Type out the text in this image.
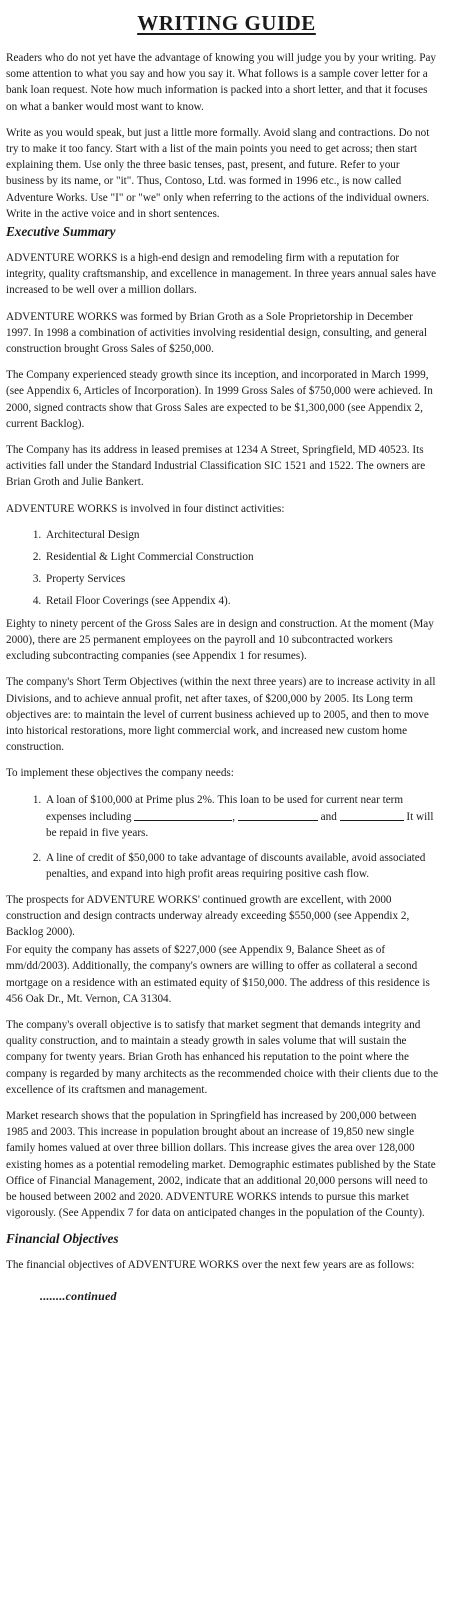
WRITING GUIDE

Readers who do not yet have the advantage of knowing you will judge you by your writing. Pay some attention to what you say and how you say it. What follows is a sample cover letter for a bank loan request. Note how much information is packed into a short letter, and that it focuses on what a banker would most want to know.

Write as you would speak, but just a little more formally. Avoid slang and contractions. Do not try to make it too fancy. Start with a list of the main points you need to get across; then start explaining them. Use only the three basic tenses, past, present, and future. Refer to your business by its name, or "it". Thus, Contoso, Ltd. was formed in 1996 etc., is now called Adventure Works. Use "I" or "we" only when referring to the actions of the individual owners. Write in the active voice and in short sentences.

Executive Summary

ADVENTURE WORKS is a high-end design and remodeling firm with a reputation for integrity, quality craftsmanship, and excellence in management. In three years annual sales have increased to be well over a million dollars.

ADVENTURE WORKS was formed by Brian Groth as a Sole Proprietorship in December 1997. In 1998 a combination of activities involving residential design, consulting, and general construction brought Gross Sales of $250,000.

The Company experienced steady growth since its inception, and incorporated in March 1999, (see Appendix 6, Articles of Incorporation). In 1999 Gross Sales of $750,000 were achieved. In 2000, signed contracts show that Gross Sales are expected to be $1,300,000 (see Appendix 2, current Backlog).

The Company has its address in leased premises at 1234 A Street, Springfield, MD 40523. Its activities fall under the Standard Industrial Classification SIC 1521 and 1522. The owners are Brian Groth and Julie Bankert.

ADVENTURE WORKS is involved in four distinct activities:

1. Architectural Design
2. Residential & Light Commercial Construction
3. Property Services
4. Retail Floor Coverings (see Appendix 4).

Eighty to ninety percent of the Gross Sales are in design and construction. At the moment (May 2000), there are 25 permanent employees on the payroll and 10 subcontracted workers excluding subcontracting companies (see Appendix 1 for resumes).

The company's Short Term Objectives (within the next three years) are to increase activity in all Divisions, and to achieve annual profit, net after taxes, of $200,000 by 2005. Its Long term objectives are: to maintain the level of current business achieved up to 2005, and then to move into historical restorations, more light commercial work, and increased new custom home construction.

To implement these objectives the company needs:

1. A loan of $100,000 at Prime plus 2%. This loan to be used for current near term expenses including	,	and	It will be repaid in five years.
2. A line of credit of $50,000 to take advantage of discounts available, avoid associated penalties, and expand into high profit areas requiring positive cash flow.

The prospects for ADVENTURE WORKS' continued growth are excellent, with 2000 construction and design contracts underway already exceeding $550,000 (see Appendix 2, Backlog 2000).

For equity the company has assets of $227,000 (see Appendix 9, Balance Sheet as of mm/dd/2003). Additionally, the company's owners are willing to offer as collateral a second mortgage on a residence with an estimated equity of $150,000. The address of this residence is 456 Oak Dr., Mt. Vernon, CA 31304.

The company's overall objective is to satisfy that market segment that demands integrity and quality construction, and to maintain a steady growth in sales volume that will sustain the company for twenty years. Brian Groth has enhanced his reputation to the point where the company is regarded by many architects as the recommended choice with their clients due to the excellence of its craftsmen and management.

Market research shows that the population in Springfield has increased by 200,000 between 1985 and 2003. This increase in population brought about an increase of 19,850 new single family homes valued at over three billion dollars. This increase gives the area over 128,000 existing homes as a potential remodeling market. Demographic estimates published by the State Office of Financial Management, 2002, indicate that an additional 20,000 persons will need to be housed between 2002 and 2020. ADVENTURE WORKS intends to pursue this market vigorously. (See Appendix 7 for data on anticipated changes in the population of the County).

Financial Objectives

The financial objectives of ADVENTURE WORKS over the next few years are as follows:

........continued
